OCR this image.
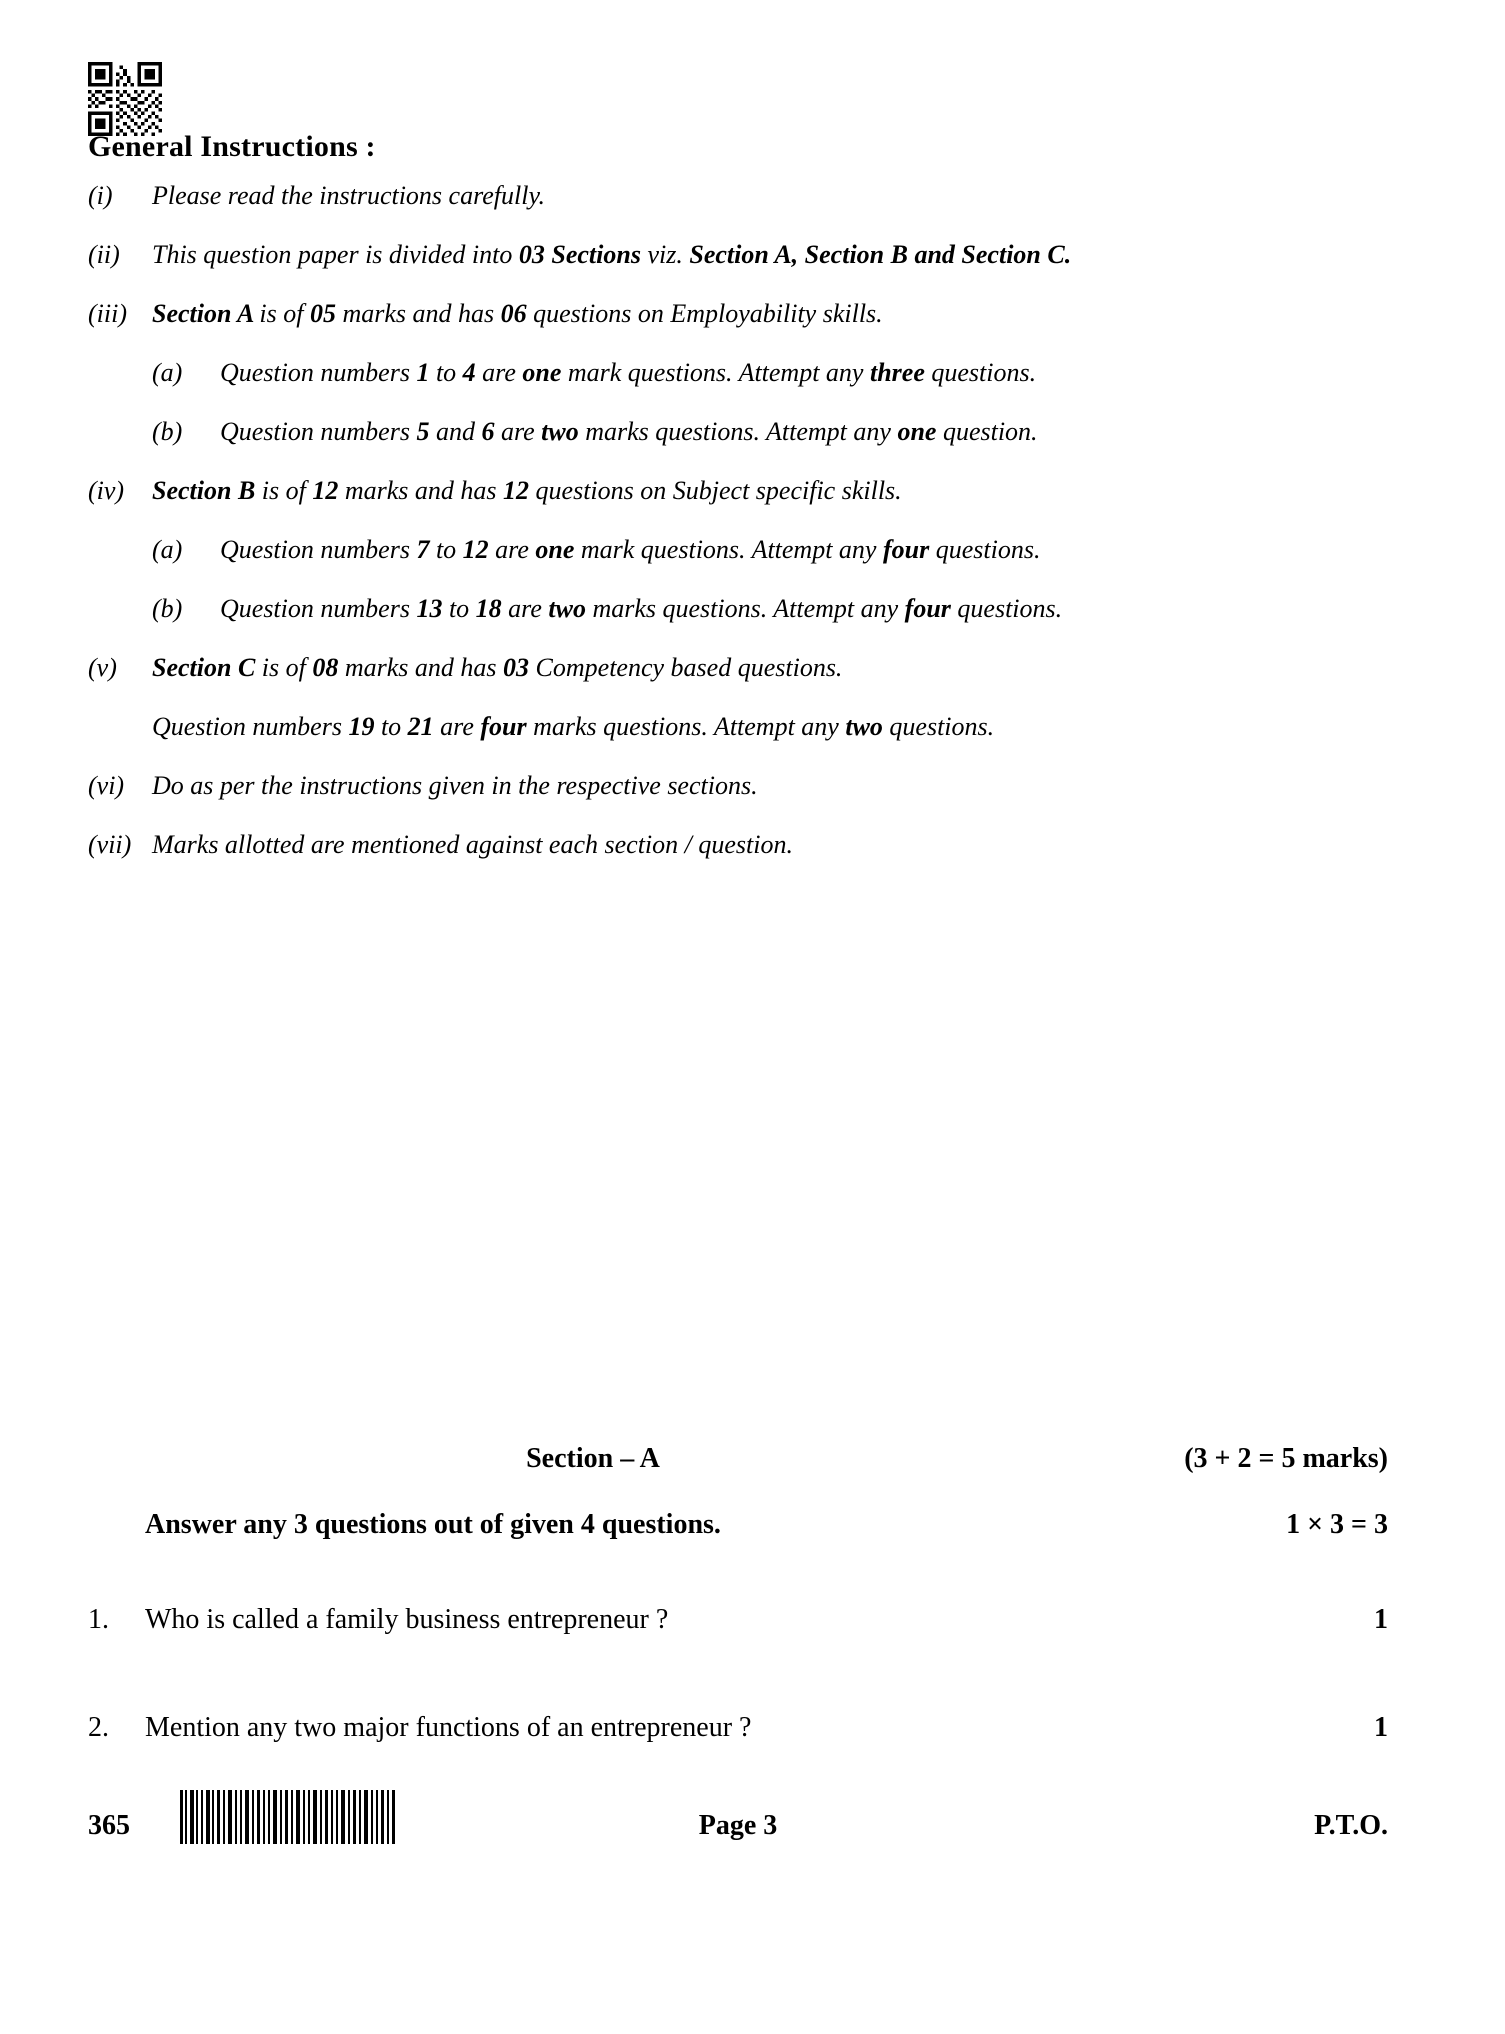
General Instructions :
(i)	Please read the instructions carefully.
(ii)	This question paper is divided into 03 Sections viz. Section A, Section B and Section C.
(iii) Section A is of 05 marks and has 06 questions on Employability skills.
(a)	Question numbers 1 to 4 are one mark questions. Attempt any three questions.
(b)	Question numbers 5 and 6 are two marks questions. Attempt any one question.
(iv)	Section B is of 12 marks and has 12 questions on Subject specific skills.
(a)	Question numbers 7 to 12 are one mark questions. Attempt any four questions.
(b)	Question numbers 13 to 18 are two marks questions. Attempt any four questions.
(v)	Section C is of 08 marks and has 03 Competency based questions.
Question numbers 19 to 21 are four marks questions. Attempt any two questions.
(vi)	Do as per the instructions given in the respective sections.
(vii) Marks allotted are mentioned against each section / question.
Section – A	(3 + 2 = 5 marks)
Answer any 3 questions out of given 4 questions.	1 × 3 = 3
1. Who is called a family business entrepreneur ?	1
2. Mention any two major functions of an entrepreneur ?	1
365	Page 3	P.T.O.
